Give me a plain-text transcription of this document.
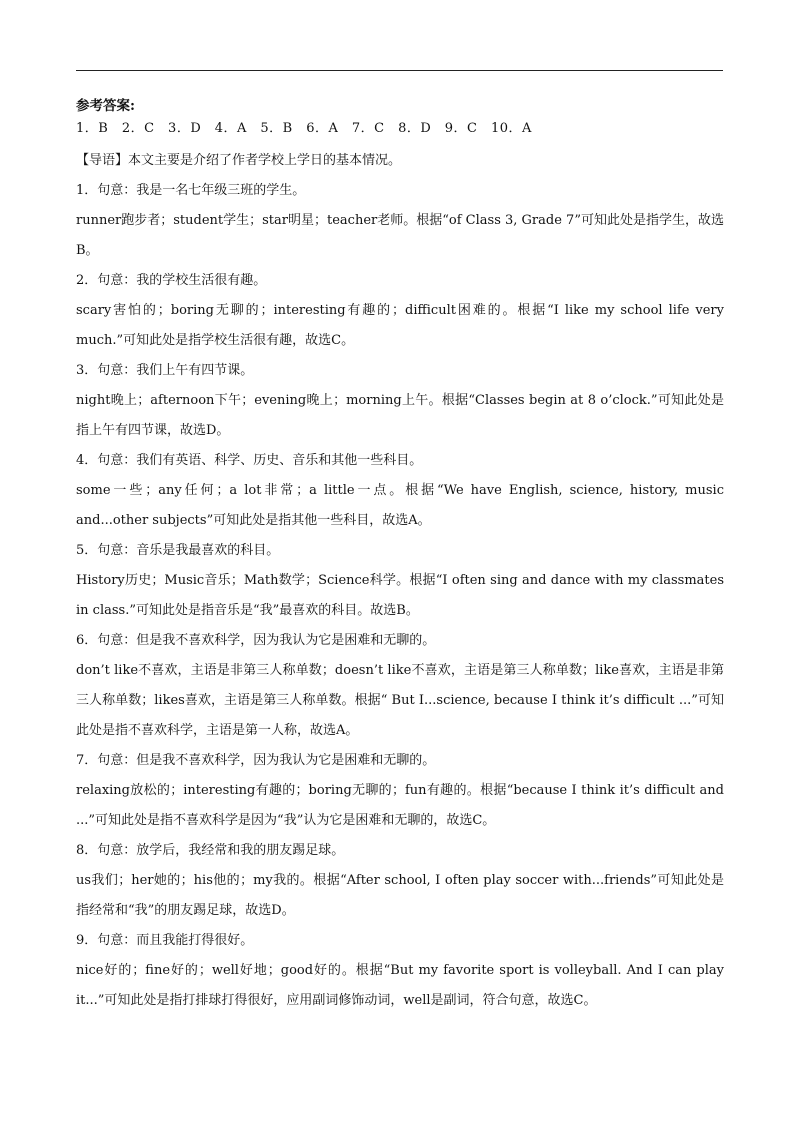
参考答案:

1．B　2．C　3．D　4．A　5．B　6．A　7．C　8．D　9．C　10．A

【导语】本文主要是介绍了作者学校上学日的基本情况。

1．句意：我是一名七年级三班的学生。

runner跑步者；student学生；star明星；teacher老师。根据“of Class 3, Grade 7”可知此处是指学生，故选B。

2．句意：我的学校生活很有趣。

scary害怕的；boring无聊的；interesting有趣的；difficult困难的。根据“I like my school life very much.”可知此处是指学校生活很有趣，故选C。

3．句意：我们上午有四节课。

night晚上；afternoon下午；evening晚上；morning上午。根据“Classes begin at 8 o’clock.”可知此处是指上午有四节课，故选D。

4．句意：我们有英语、科学、历史、音乐和其他一些科目。

some一些；any任何；a lot非常；a little一点。根据“We have English, science, history, music and...other subjects”可知此处是指其他一些科目，故选A。

5．句意：音乐是我最喜欢的科目。

History历史；Music音乐；Math数学；Science科学。根据“I often sing and dance with my classmates in class.”可知此处是指音乐是“我”最喜欢的科目。故选B。

6．句意：但是我不喜欢科学，因为我认为它是困难和无聊的。

don’t like不喜欢，主语是非第三人称单数；doesn’t like不喜欢，主语是第三人称单数；like喜欢，主语是非第三人称单数；likes喜欢，主语是第三人称单数。根据“ But I...science, because I think it’s difficult ...”可知此处是指不喜欢科学，主语是第一人称，故选A。

7．句意：但是我不喜欢科学，因为我认为它是困难和无聊的。

relaxing放松的；interesting有趣的；boring无聊的；fun有趣的。根据“because I think it’s difficult and ...”可知此处是指不喜欢科学是因为“我”认为它是困难和无聊的，故选C。

8．句意：放学后，我经常和我的朋友踢足球。

us我们；her她的；his他的；my我的。根据“After school, I often play soccer with...friends”可知此处是指经常和“我”的朋友踢足球，故选D。

9．句意：而且我能打得很好。

nice好的；fine好的；well好地；good好的。根据“But my favorite sport is volleyball. And I can play it...”可知此处是指打排球打得很好，应用副词修饰动词，well是副词，符合句意，故选C。
